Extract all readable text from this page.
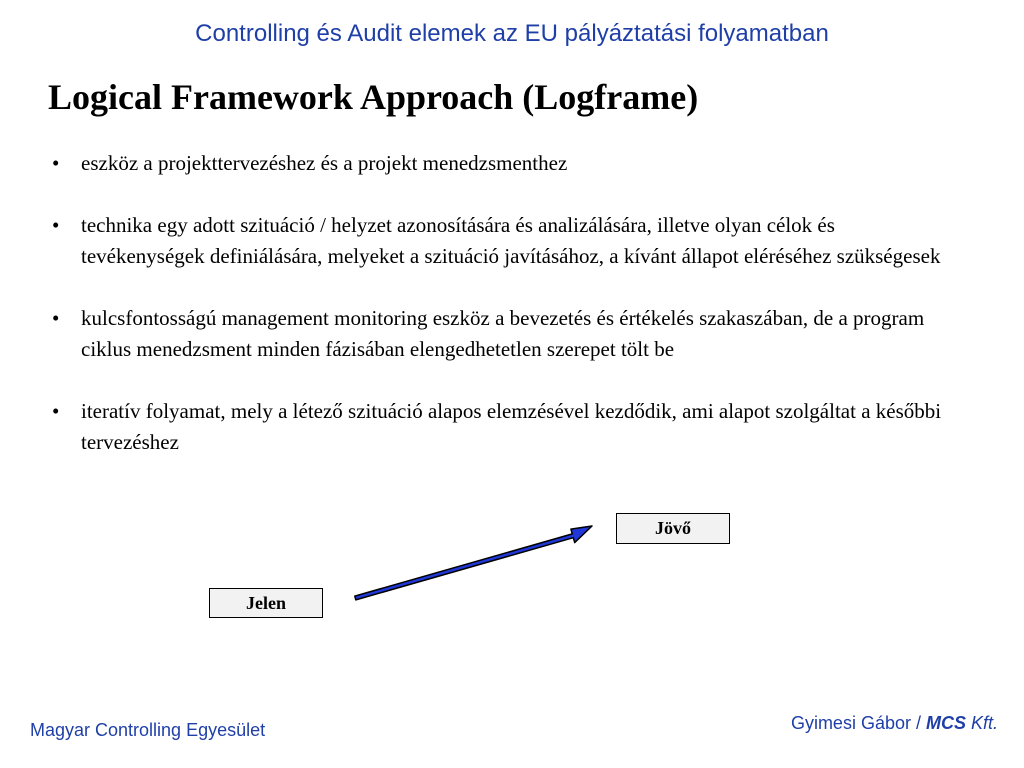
Controlling és Audit elemek az EU pályáztatási folyamatban
Logical Framework Approach (Logframe)
• eszköz a projekttervezéshez és a projekt menedzsmenthez
• technika egy adott szituáció / helyzet azonosítására és analizálására, illetve olyan célok és tevékenységek definiálására, melyeket a szituáció javításához, a kívánt állapot eléréséhez szükségesek
• kulcsfontosságú management monitoring eszköz a bevezetés és értékelés szakaszában, de a program ciklus menedzsment minden fázisában elengedhetetlen szerepet tölt be
• iteratív folyamat, mely a létező szituáció alapos elemzésével kezdődik, ami alapot szolgáltat a későbbi tervezéshez
Jövő
Jelen
Magyar Controlling Egyesület	Gyimesi Gábor / MCS Kft.
